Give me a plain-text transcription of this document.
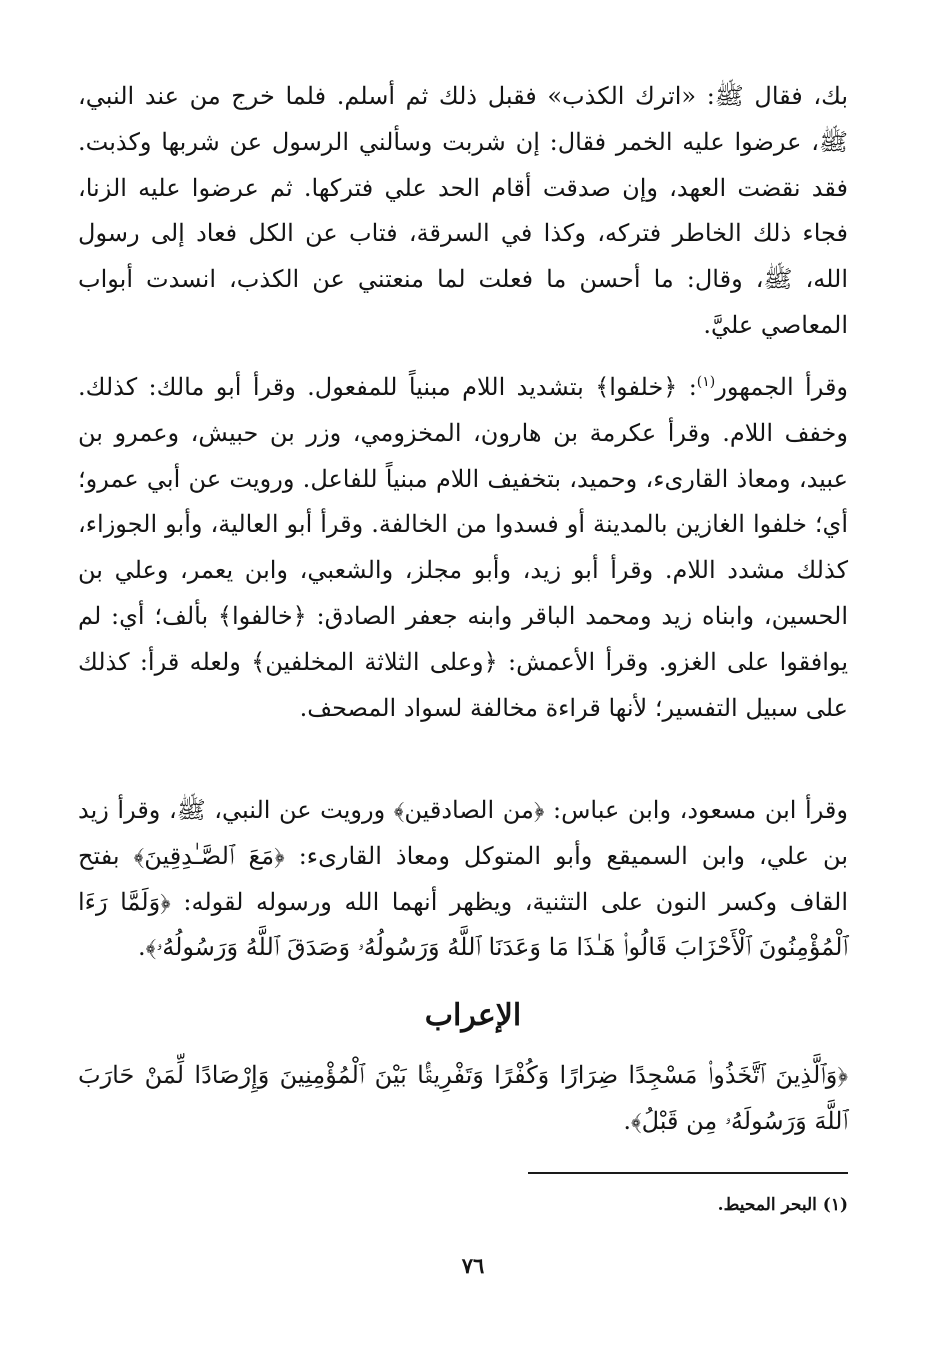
بك، فقال ﷺ: «اترك الكذب» فقبل ذلك ثم أسلم. فلما خرج من عند النبي، ﷺ، عرضوا عليه الخمر فقال: إن شربت وسألني الرسول عن شربها وكذبت. فقد نقضت العهد، وإن صدقت أقام الحد علي فتركها. ثم عرضوا عليه الزنا، فجاء ذلك الخاطر فتركه، وكذا في السرقة، فتاب عن الكل فعاد إلى رسول الله، ﷺ، وقال: ما أحسن ما فعلت لما منعتني عن الكذب، انسدت أبواب المعاصي عليَّ.

وقرأ الجمهور$^{(١)}$: ﴿خلفوا﴾ بتشديد اللام مبنياً للمفعول. وقرأ أبو مالك: كذلك. وخفف اللام. وقرأ عكرمة بن هارون، المخزومي، وزر بن حبيش، وعمرو بن عبيد، ومعاذ القارىء، وحميد، بتخفيف اللام مبنياً للفاعل. ورويت عن أبي عمرو؛ أي؛ خلفوا الغازين بالمدينة أو فسدوا من الخالفة. وقرأ أبو العالية، وأبو الجوزاء، كذلك مشدد اللام. وقرأ أبو زيد، وأبو مجلز، والشعبي، وابن يعمر، وعلي بن الحسين، وابناه زيد ومحمد الباقر وابنه جعفر الصادق: ﴿خالفوا﴾ بألف؛ أي: لم يوافقوا على الغزو. وقرأ الأعمش: ﴿وعلى الثلاثة المخلفين﴾ ولعله قرأ: كذلك على سبيل التفسير؛ لأنها قراءة مخالفة لسواد المصحف.

وقرأ ابن مسعود، وابن عباس: ﴿من الصادقين﴾ ورويت عن النبي، ﷺ، وقرأ زيد بن علي، وابن السميقع وأبو المتوكل ومعاذ القارىء: ﴿مَعَ ٱلصَّـٰدِقِينَ﴾ بفتح القاف وكسر النون على التثنية، ويظهر أنهما الله ورسوله لقوله: ﴿وَلَمَّا رَءَا ٱلْمُؤْمِنُونَ ٱلْأَحْزَابَ قَالُوا۟ هَـٰذَا مَا وَعَدَنَا ٱللَّهُ وَرَسُولُهُۥ وَصَدَقَ ٱللَّهُ وَرَسُولُهُۥ﴾.

الإعراب

﴿وَٱلَّذِينَ ٱتَّخَذُوا۟ مَسْجِدًا ضِرَارًا وَكُفْرًا وَتَفْرِيقًۢا بَيْنَ ٱلْمُؤْمِنِينَ وَإِرْصَادًا لِّمَنْ حَارَبَ ٱللَّهَ وَرَسُولَهُۥ مِن قَبْلُ﴾.

(١) البحر المحيط.

٧٦
